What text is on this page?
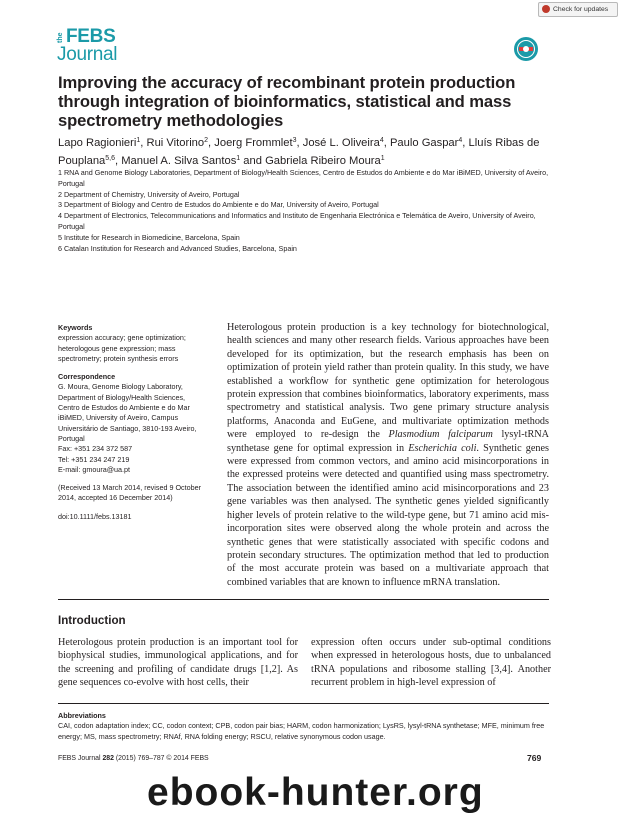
Check for updates
the FEBS
Journal
Improving the accuracy of recombinant protein production through integration of bioinformatics, statistical and mass spectrometry methodologies
Lapo Ragionieri$^1$, Rui Vitorino$^2$, Joerg Frommlet$^3$, José L. Oliveira$^4$, Paulo Gaspar$^4$, Lluís Ribas de Pouplana$^{5,6}$, Manuel A. Silva Santos$^1$ and Gabriela Ribeiro Moura$^1$
1 RNA and Genome Biology Laboratories, Department of Biology/Health Sciences, Centro de Estudos do Ambiente e do Mar iBiMED, University of Aveiro, Portugal
2 Department of Chemistry, University of Aveiro, Portugal
3 Department of Biology and Centro de Estudos do Ambiente e do Mar, University of Aveiro, Portugal
4 Department of Electronics, Telecommunications and Informatics and Instituto de Engenharia Electrónica e Telemática de Aveiro, University of Aveiro, Portugal
5 Institute for Research in Biomedicine, Barcelona, Spain
6 Catalan Institution for Research and Advanced Studies, Barcelona, Spain
Keywords
expression accuracy; gene optimization; heterologous gene expression; mass spectrometry; protein synthesis errors
Correspondence
G. Moura, Genome Biology Laboratory,
Department of Biology/Health Sciences,
Centro de Estudos do Ambiente e do Mar
iBiMED, University of Aveiro, Campus
Universitário de Santiago, 3810-193 Aveiro,
Portugal
Fax: +351 234 372 587
Tel: +351 234 247 219
E-mail: gmoura@ua.pt
(Received 13 March 2014, revised 9 October 2014, accepted 16 December 2014)
doi:10.1111/febs.13181
Heterologous protein production is a key technology for biotechnological, health sciences and many other research fields. Various approaches have been developed for its optimization, but the research emphasis has been on optimization of protein yield rather than protein quality. In this study, we have established a workflow for synthetic gene optimization for heterologous protein expression that combines bioinformatics, laboratory experiments, mass spectrometry and statistical analysis. Two gene primary structure analysis platforms, Anaconda and EuGene, and multivariate optimization methods were employed to re-design the Plasmodium falciparum lysyl-tRNA synthetase gene for optimal expression in Escherichia coli. Synthetic genes were expressed from common vectors, and amino acid misincorporations in the expressed proteins were detected and quantified using mass spectrometry. The association between the identified amino acid misincorporations and 23 gene variables was then analysed. The synthetic genes yielded significantly higher levels of protein relative to the wild-type gene, but 71 amino acid mis-incorporation sites were observed along the whole protein and across the synthetic genes that were statistically associated with specific codons and protein secondary structures. The optimization method that led to production of the most accurate protein was based on a multivariate approach that combined variables that are known to influence mRNA translation.
Introduction
Heterologous protein production is an important tool for biophysical studies, immunological applications, and for the screening and profiling of candidate drugs [1,2]. As gene sequences co-evolve with host cells, their
expression often occurs under sub-optimal conditions when expressed in heterologous hosts, due to unbalanced tRNA populations and ribosome stalling [3,4]. Another recurrent problem in high-level expression of
Abbreviations
CAI, codon adaptation index; CC, codon context; CPB, codon pair bias; HARM, codon harmonization; LysRS, lysyl-tRNA synthetase; MFE, minimum free energy; MS, mass spectrometry; RNAf, RNA folding energy; RSCU, relative synonymous codon usage.
FEBS Journal 282 (2015) 769–787 © 2014 FEBS	769
ebook-hunter.org
